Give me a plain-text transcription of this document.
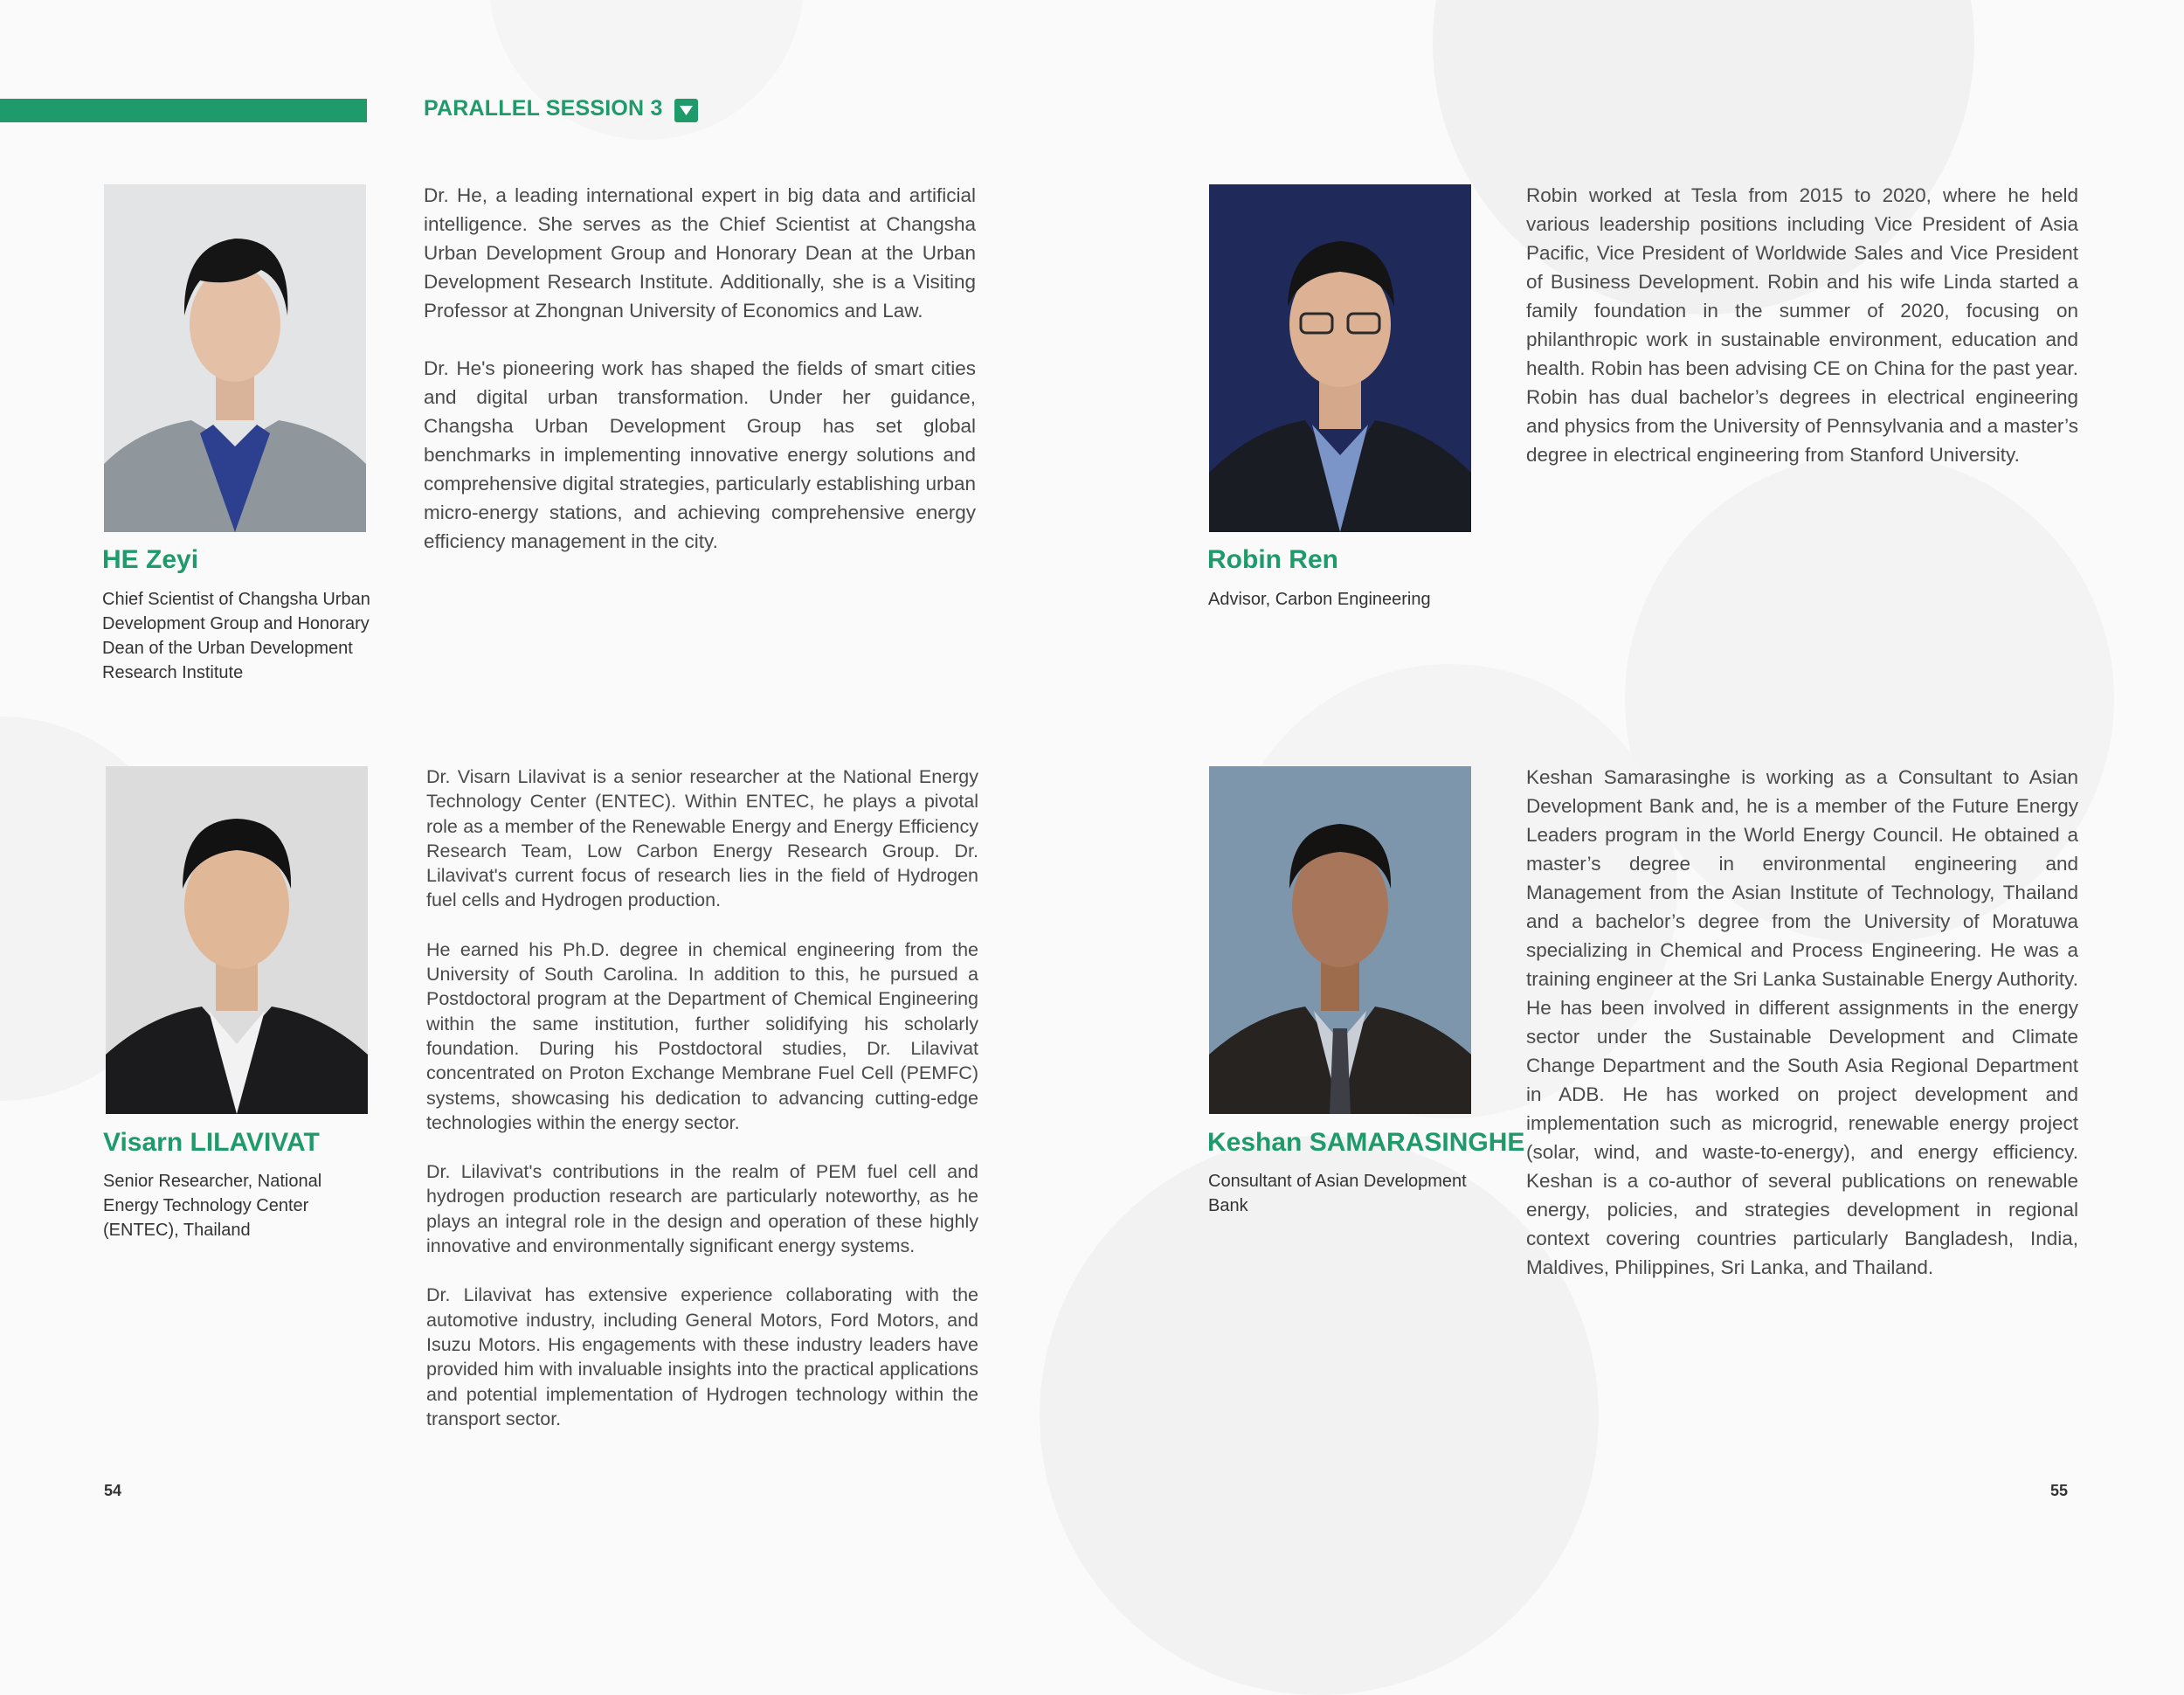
PARALLEL SESSION 3
HE Zeyi
Chief Scientist of Changsha Urban Development Group and Honorary Dean of the Urban Development Research Institute

Dr. He, a leading international expert in big data and artificial intelligence. She serves as the Chief Scientist at Changsha Urban Development Group and Honorary Dean at the Urban Development Research Institute. Additionally, she is a Visiting Professor at Zhongnan University of Economics and Law.

Dr. He's pioneering work has shaped the fields of smart cities and digital urban transformation. Under her guidance, Changsha Urban Development Group has set global benchmarks in implementing innovative energy solutions and comprehensive digital strategies, particularly establishing urban micro-energy stations, and achieving comprehensive energy efficiency management in the city.

Robin Ren
Advisor, Carbon Engineering

Robin worked at Tesla from 2015 to 2020, where he held various leadership positions including Vice President of Asia Pacific, Vice President of Worldwide Sales and Vice President of Business Development. Robin and his wife Linda started a family foundation in the summer of 2020, focusing on philanthropic work in sustainable environment, education and health. Robin has been advising CE on China for the past year. Robin has dual bachelor’s degrees in electrical engineering and physics from the University of Pennsylvania and a master’s degree in electrical engineering from Stanford University.

Visarn LILAVIVAT
Senior Researcher, National Energy Technology Center (ENTEC), Thailand

Dr. Visarn Lilavivat is a senior researcher at the National Energy Technology Center (ENTEC). Within ENTEC, he plays a pivotal role as a member of the Renewable Energy and Energy Efficiency Research Team, Low Carbon Energy Research Group. Dr. Lilavivat's current focus of research lies in the field of Hydrogen fuel cells and Hydrogen production.

He earned his Ph.D. degree in chemical engineering from the University of South Carolina. In addition to this, he pursued a Postdoctoral program at the Department of Chemical Engineering within the same institution, further solidifying his scholarly foundation. During his Postdoctoral studies, Dr. Lilavivat concentrated on Proton Exchange Membrane Fuel Cell (PEMFC) systems, showcasing his dedication to advancing cutting-edge technologies within the energy sector.

Dr. Lilavivat's contributions in the realm of PEM fuel cell and hydrogen production research are particularly noteworthy, as he plays an integral role in the design and operation of these highly innovative and environmentally significant energy systems.

Dr. Lilavivat has extensive experience collaborating with the automotive industry, including General Motors, Ford Motors, and Isuzu Motors. His engagements with these industry leaders have provided him with invaluable insights into the practical applications and potential implementation of Hydrogen technology within the transport sector.

Keshan SAMARASINGHE
Consultant of Asian Development Bank

Keshan Samarasinghe is working as a Consultant to Asian Development Bank and, he is a member of the Future Energy Leaders program in the World Energy Council. He obtained a master’s degree in environmental engineering and Management from the Asian Institute of Technology, Thailand and a bachelor’s degree from the University of Moratuwa specializing in Chemical and Process Engineering. He was a training engineer at the Sri Lanka Sustainable Energy Authority. He has been involved in different assignments in the energy sector under the Sustainable Development and Climate Change Department and the South Asia Regional Department in ADB. He has worked on project development and implementation such as microgrid, renewable energy project (solar, wind, and waste-to-energy), and energy efficiency. Keshan is a co-author of several publications on renewable energy, policies, and strategies development in regional context covering countries particularly Bangladesh, India, Maldives, Philippines, Sri Lanka, and Thailand.

54	55
